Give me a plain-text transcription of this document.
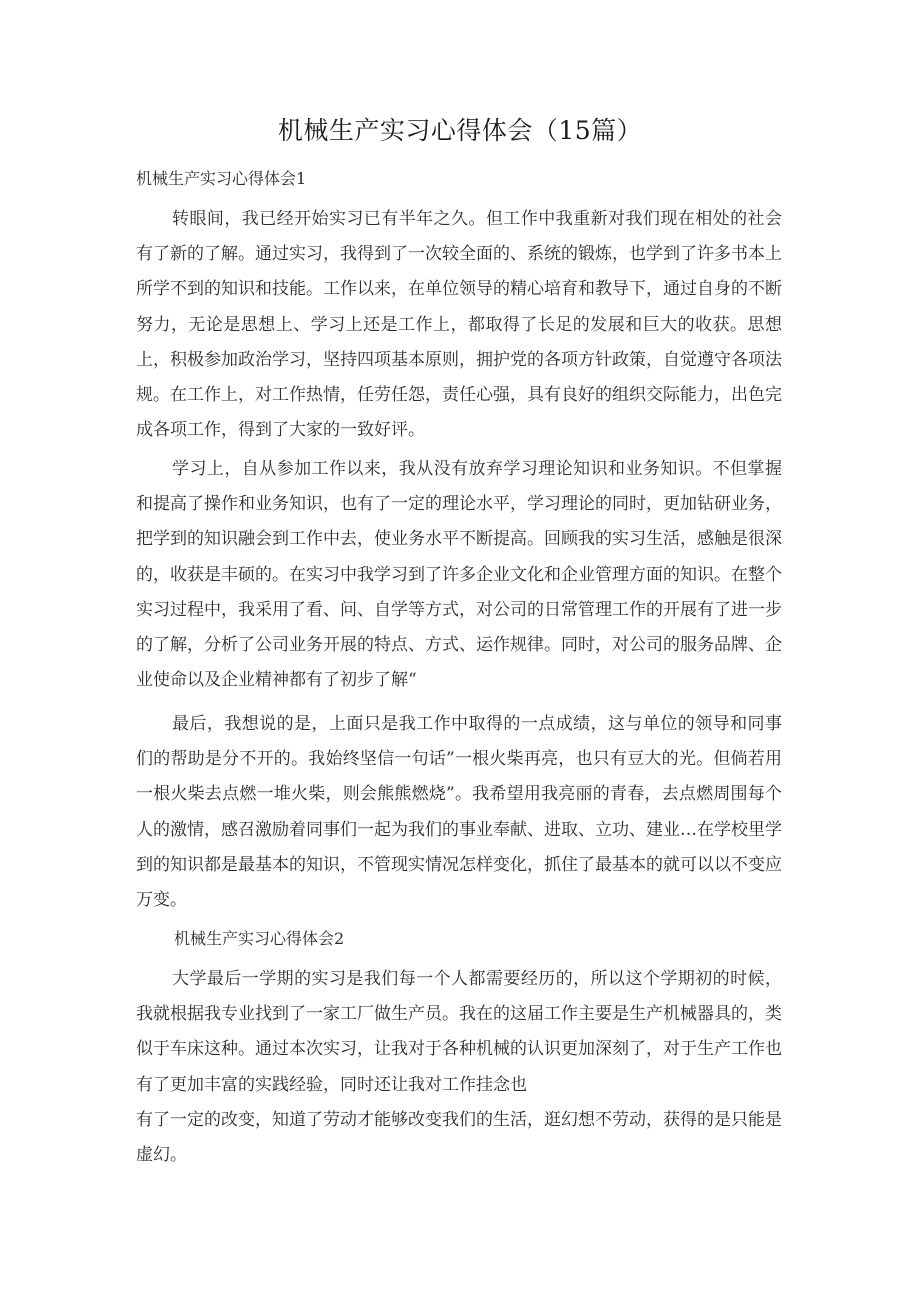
机械生产实习心得体会（15篇）
机械生产实习心得体会1

转眼间，我已经开始实习已有半年之久。但工作中我重新对我们现在相处的社会有了新的了解。通过实习，我得到了一次较全面的、系统的锻炼，也学到了许多书本上所学不到的知识和技能。工作以来，在单位领导的精心培育和教导下，通过自身的不断努力，无论是思想上、学习上还是工作上，都取得了长足的发展和巨大的收获。思想上，积极参加政治学习，坚持四项基本原则，拥护党的各项方针政策，自觉遵守各项法规。在工作上，对工作热情，任劳任怨，责任心强，具有良好的组织交际能力，出色完成各项工作，得到了大家的一致好评。

学习上，自从参加工作以来，我从没有放弃学习理论知识和业务知识。不但掌握和提高了操作和业务知识，也有了一定的理论水平，学习理论的同时，更加钻研业务，把学到的知识融会到工作中去，使业务水平不断提高。回顾我的实习生活，感触是很深的，收获是丰硕的。在实习中我学习到了许多企业文化和企业管理方面的知识。在整个实习过程中，我采用了看、问、自学等方式，对公司的日常管理工作的开展有了进一步的了解，分析了公司业务开展的特点、方式、运作规律。同时，对公司的服务品牌、企业使命以及企业精神都有了初步了解“

最后，我想说的是，上面只是我工作中取得的一点成绩，这与单位的领导和同事们的帮助是分不开的。我始终坚信一句话”一根火柴再亮，也只有豆大的光。但倘若用一根火柴去点燃一堆火柴，则会熊熊燃烧”。我希望用我亮丽的青春，去点燃周围每个人的激情，感召激励着同事们一起为我们的事业奉献、进取、立功、建业…在学校里学到的知识都是最基本的知识，不管现实情况怎样变化，抓住了最基本的就可以以不变应万变。

机械生产实习心得体会2

大学最后一学期的实习是我们每一个人都需要经历的，所以这个学期初的时候，我就根据我专业找到了一家工厂做生产员。我在的这届工作主要是生产机械器具的，类似于车床这种。通过本次实习，让我对于各种机械的认识更加深刻了，对于生产工作也有了更加丰富的实践经验，同时还让我对工作挂念也

有了一定的改变，知道了劳动才能够改变我们的生活，逛幻想不劳动，获得的是只能是虚幻。
